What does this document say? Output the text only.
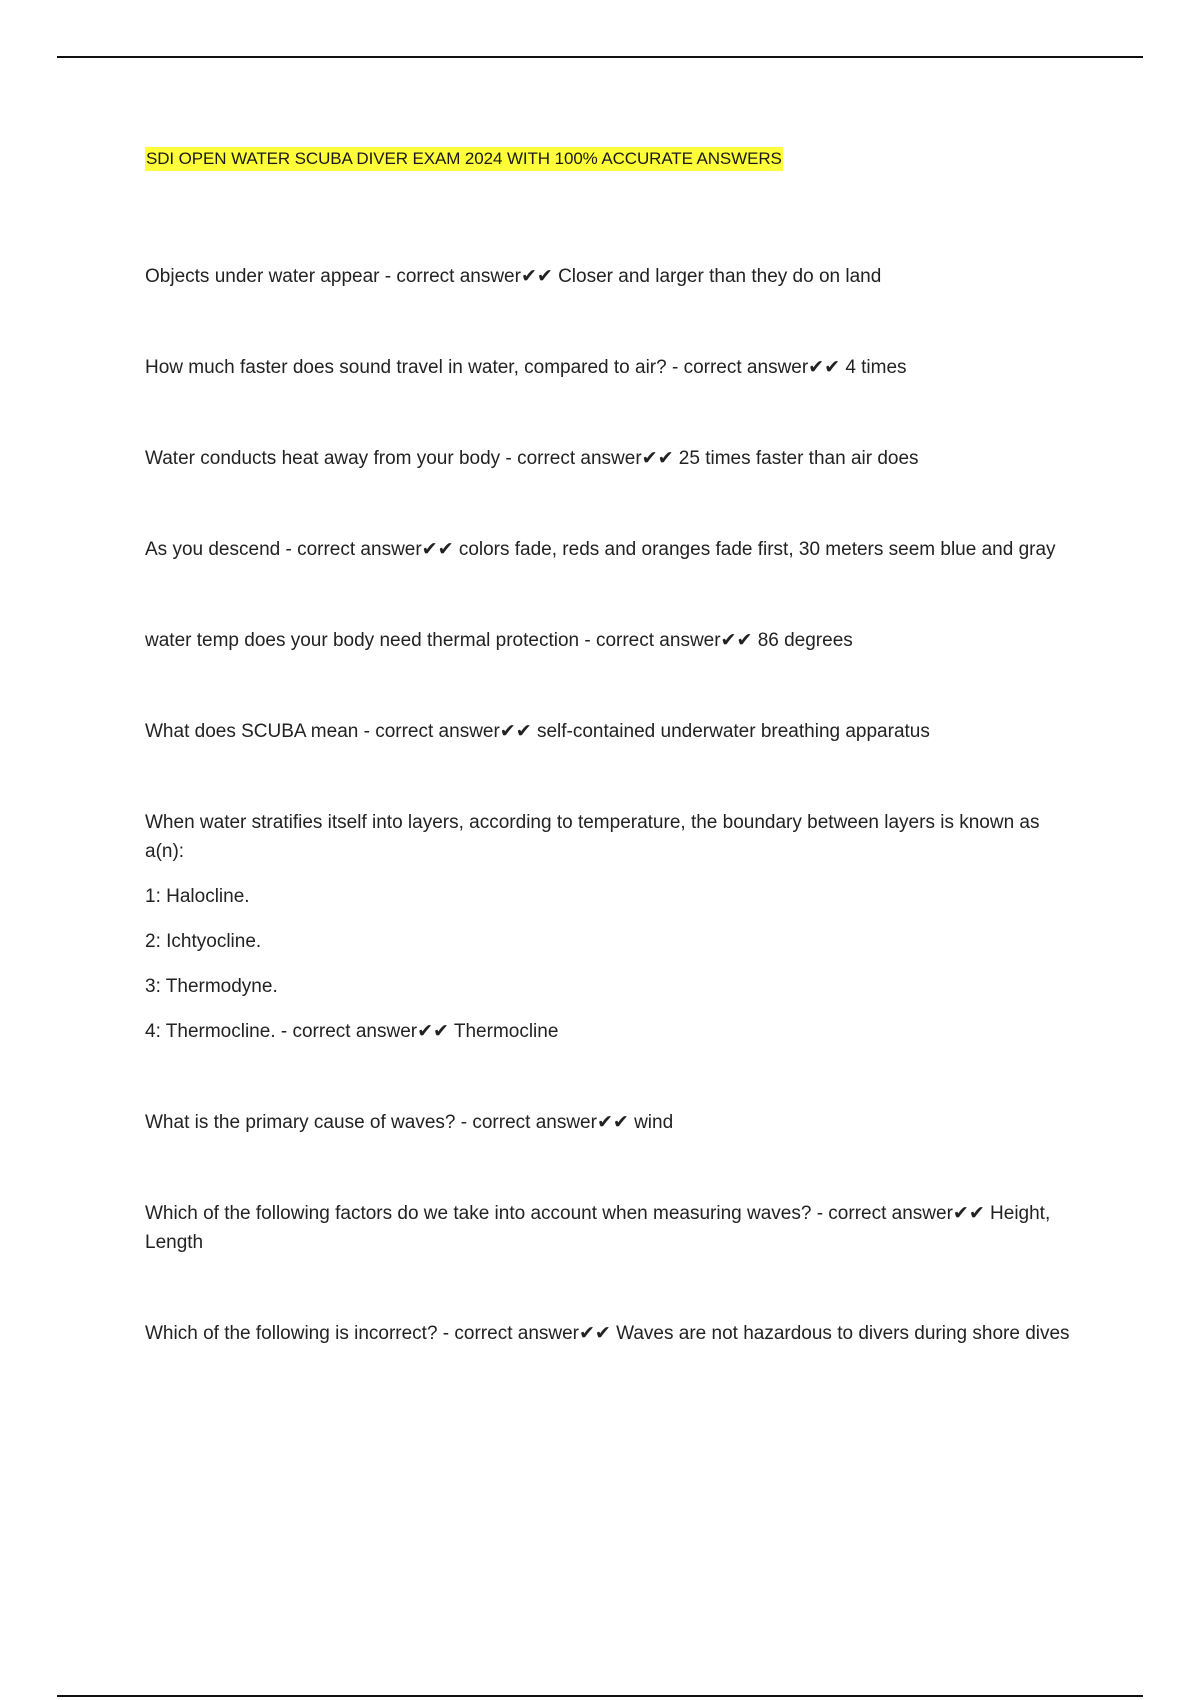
SDI OPEN WATER SCUBA DIVER EXAM 2024 WITH 100% ACCURATE ANSWERS

Objects under water appear - correct answer✔✔ Closer and larger than they do on land

How much faster does sound travel in water, compared to air? - correct answer✔✔ 4 times

Water conducts heat away from your body - correct answer✔✔ 25 times faster than air does

As you descend - correct answer✔✔ colors fade, reds and oranges fade first, 30 meters seem blue and gray

water temp does your body need thermal protection - correct answer✔✔ 86 degrees

What does SCUBA mean - correct answer✔✔ self-contained underwater breathing apparatus

When water stratifies itself into layers, according to temperature, the boundary between layers is known as a(n):

1: Halocline.

2: Ichtyocline.

3: Thermodyne.

4: Thermocline. - correct answer✔✔ Thermocline

What is the primary cause of waves? - correct answer✔✔ wind

Which of the following factors do we take into account when measuring waves? - correct answer✔✔ Height, Length

Which of the following is incorrect? - correct answer✔✔ Waves are not hazardous to divers during shore dives
